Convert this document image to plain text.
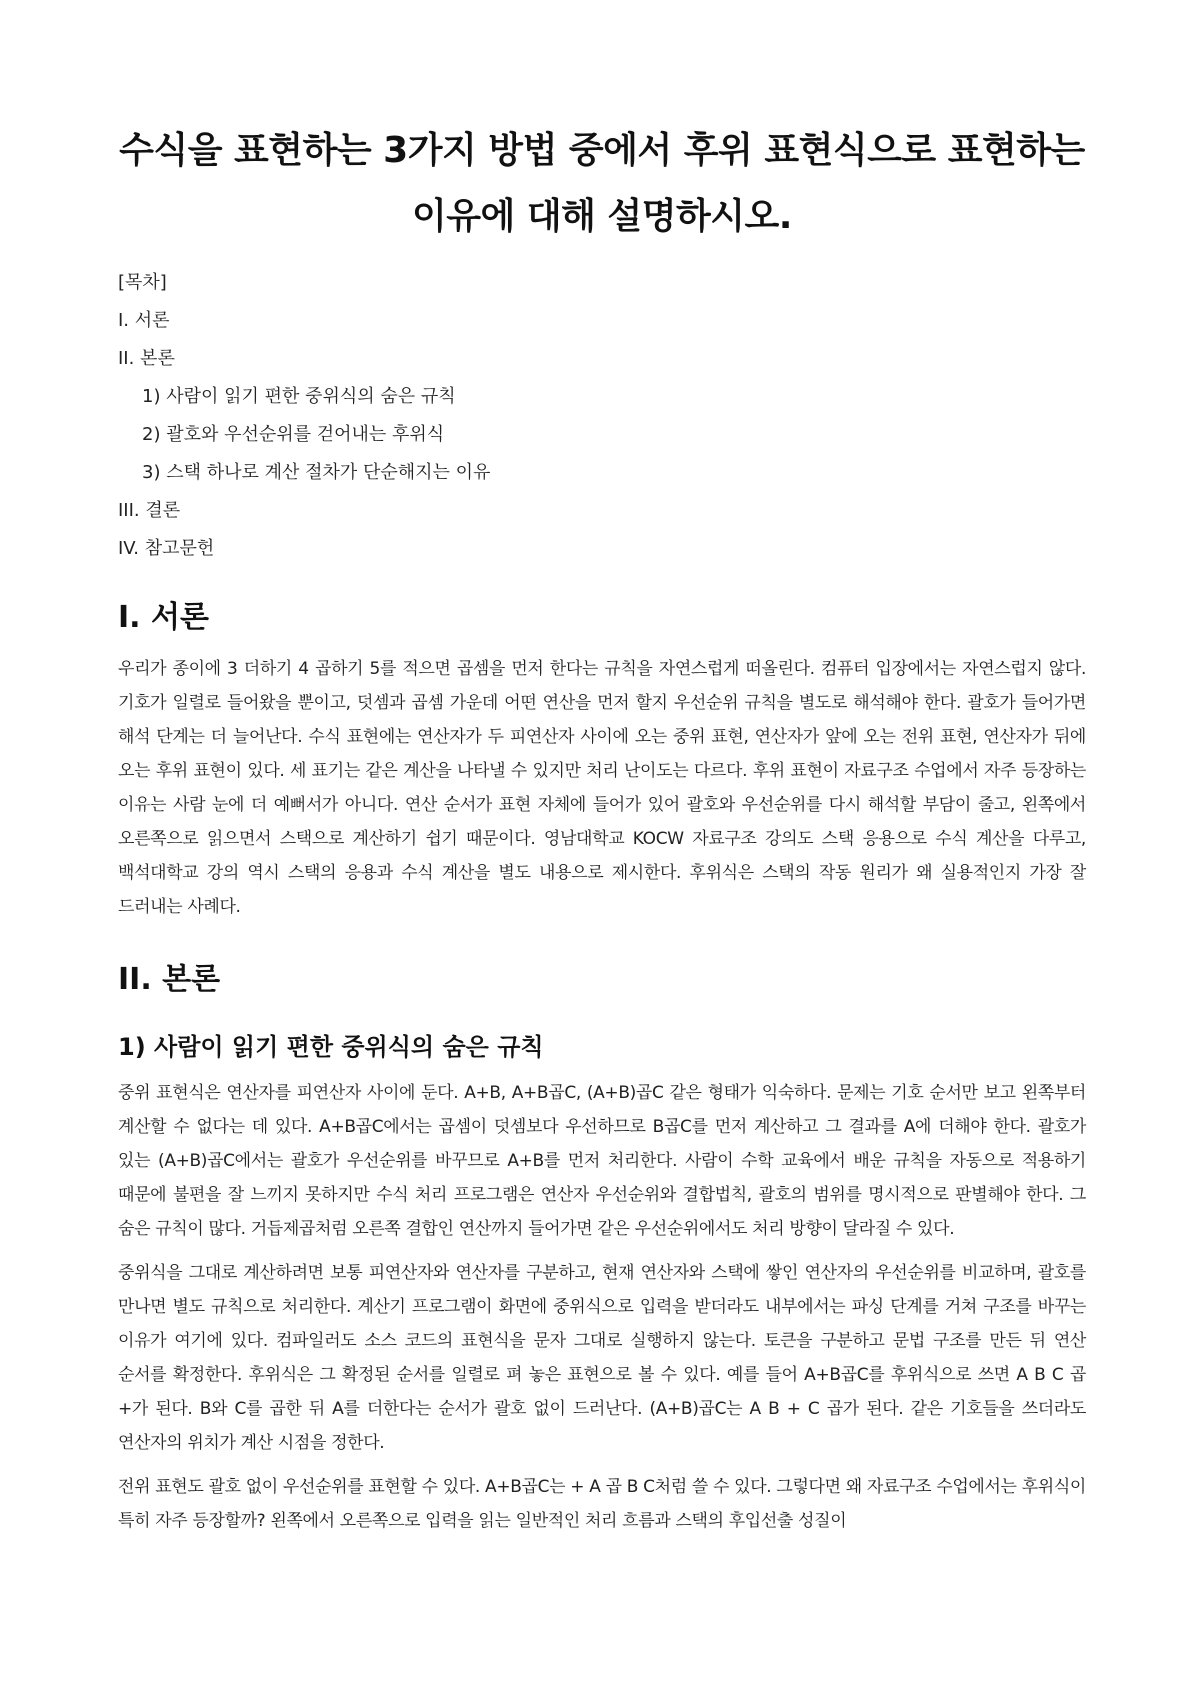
수식을 표현하는 3가지 방법 중에서 후위 표현식으로 표현하는 이유에 대해 설명하시오.
[목차]
I. 서론
II. 본론
1) 사람이 읽기 편한 중위식의 숨은 규칙
2) 괄호와 우선순위를 걷어내는 후위식
3) 스택 하나로 계산 절차가 단순해지는 이유
III. 결론
IV. 참고문헌
I. 서론

우리가 종이에 3 더하기 4 곱하기 5를 적으면 곱셈을 먼저 한다는 규칙을 자연스럽게 떠올린다. 컴퓨터 입장에서는 자연스럽지 않다. 기호가 일렬로 들어왔을 뿐이고, 덧셈과 곱셈 가운데 어떤 연산을 먼저 할지 우선순위 규칙을 별도로 해석해야 한다. 괄호가 들어가면 해석 단계는 더 늘어난다. 수식 표현에는 연산자가 두 피연산자 사이에 오는 중위 표현, 연산자가 앞에 오는 전위 표현, 연산자가 뒤에 오는 후위 표현이 있다. 세 표기는 같은 계산을 나타낼 수 있지만 처리 난이도는 다르다. 후위 표현이 자료구조 수업에서 자주 등장하는 이유는 사람 눈에 더 예뻐서가 아니다. 연산 순서가 표현 자체에 들어가 있어 괄호와 우선순위를 다시 해석할 부담이 줄고, 왼쪽에서 오른쪽으로 읽으면서 스택으로 계산하기 쉽기 때문이다. 영남대학교 KOCW 자료구조 강의도 스택 응용으로 수식 계산을 다루고, 백석대학교 강의 역시 스택의 응용과 수식 계산을 별도 내용으로 제시한다. 후위식은 스택의 작동 원리가 왜 실용적인지 가장 잘 드러내는 사례다.

II. 본론
1) 사람이 읽기 편한 중위식의 숨은 규칙

중위 표현식은 연산자를 피연산자 사이에 둔다. A+B, A+B곱C, (A+B)곱C 같은 형태가 익숙하다. 문제는 기호 순서만 보고 왼쪽부터 계산할 수 없다는 데 있다. A+B곱C에서는 곱셈이 덧셈보다 우선하므로 B곱C를 먼저 계산하고 그 결과를 A에 더해야 한다. 괄호가 있는 (A+B)곱C에서는 괄호가 우선순위를 바꾸므로 A+B를 먼저 처리한다. 사람이 수학 교육에서 배운 규칙을 자동으로 적용하기 때문에 불편을 잘 느끼지 못하지만 수식 처리 프로그램은 연산자 우선순위와 결합법칙, 괄호의 범위를 명시적으로 판별해야 한다. 그 숨은 규칙이 많다. 거듭제곱처럼 오른쪽 결합인 연산까지 들어가면 같은 우선순위에서도 처리 방향이 달라질 수 있다.

중위식을 그대로 계산하려면 보통 피연산자와 연산자를 구분하고, 현재 연산자와 스택에 쌓인 연산자의 우선순위를 비교하며, 괄호를 만나면 별도 규칙으로 처리한다. 계산기 프로그램이 화면에 중위식으로 입력을 받더라도 내부에서는 파싱 단계를 거쳐 구조를 바꾸는 이유가 여기에 있다. 컴파일러도 소스 코드의 표현식을 문자 그대로 실행하지 않는다. 토큰을 구분하고 문법 구조를 만든 뒤 연산 순서를 확정한다. 후위식은 그 확정된 순서를 일렬로 펴 놓은 표현으로 볼 수 있다. 예를 들어 A+B곱C를 후위식으로 쓰면 A B C 곱 +가 된다. B와 C를 곱한 뒤 A를 더한다는 순서가 괄호 없이 드러난다. (A+B)곱C는 A B + C 곱가 된다. 같은 기호들을 쓰더라도 연산자의 위치가 계산 시점을 정한다.

전위 표현도 괄호 없이 우선순위를 표현할 수 있다. A+B곱C는 + A 곱 B C처럼 쓸 수 있다. 그렇다면 왜 자료구조 수업에서는 후위식이 특히 자주 등장할까? 왼쪽에서 오른쪽으로 입력을 읽는 일반적인 처리 흐름과 스택의 후입선출 성질이
